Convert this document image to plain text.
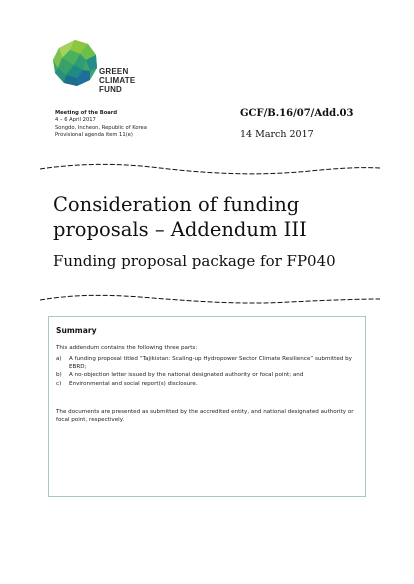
GREEN
CLIMATE
FUND
Meeting of the Board
4 – 6 April 2017
Songdo, Incheon, Republic of Korea
Provisional agenda item 11(e)
GCF/B.16/07/Add.03
14 March 2017
Consideration of funding proposals – Addendum III
Funding proposal package for FP040
Summary
This addendum contains the following three parts:
a) A funding proposal titled “Tajikistan: Scaling-up Hydropower Sector Climate Resilience” submitted by EBRD;
b) A no-objection letter issued by the national designated authority or focal point; and
c) Environmental and social report(s) disclosure.
The documents are presented as submitted by the accredited entity, and national designated authority or focal point, respectively.
